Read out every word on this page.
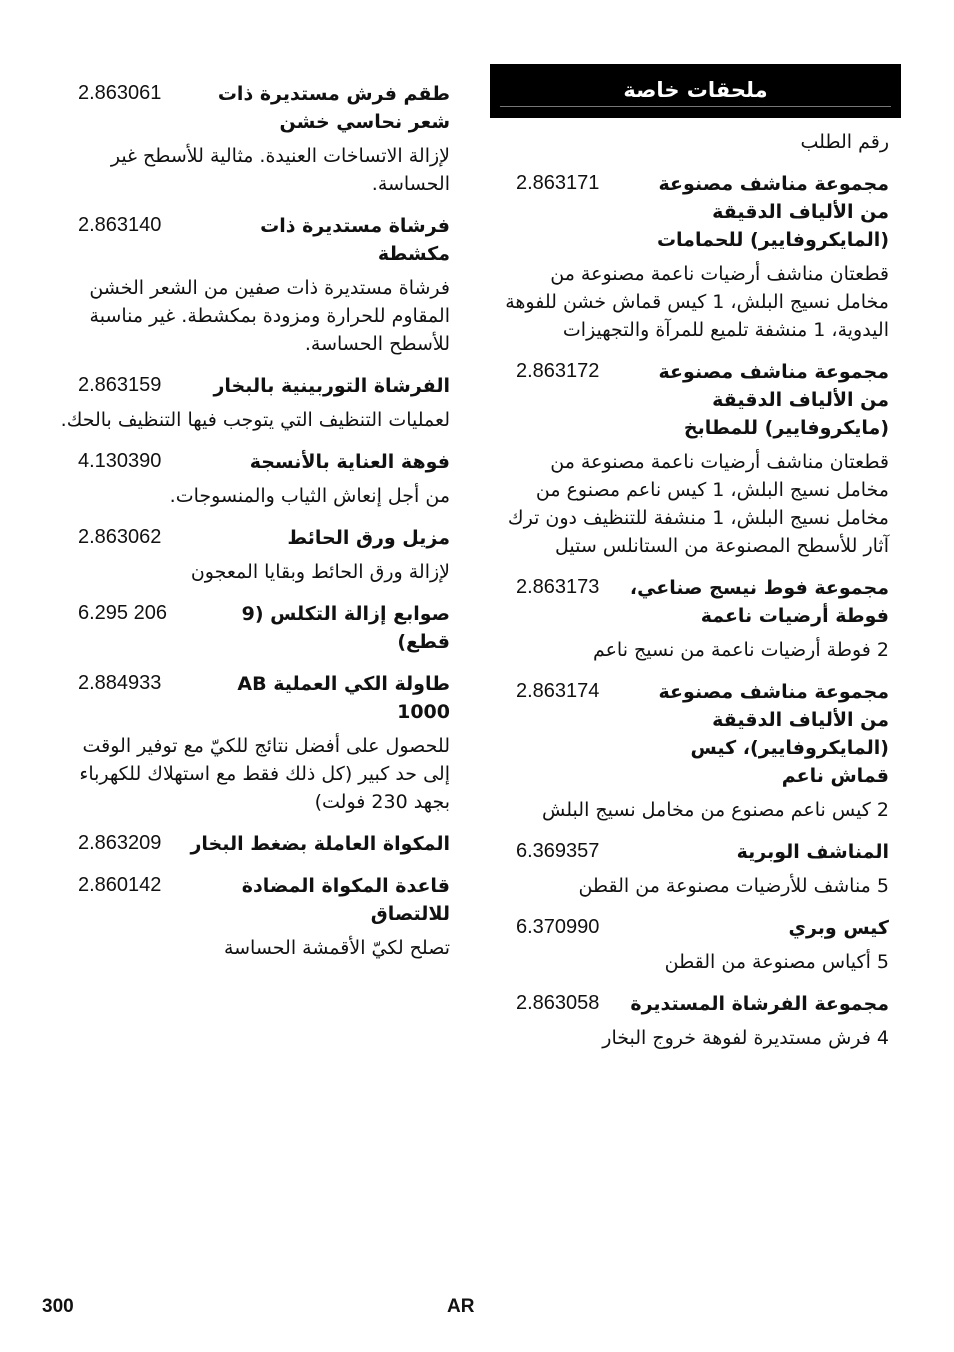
ملحقات خاصة
رقم الطلب
مجموعة مناشف مصنوعة من الألياف الدقيقة (المايكروفايير) للحمامات
2.863171
قطعتان مناشف أرضيات ناعمة مصنوعة من مخامل نسيج البلش، 1 كيس قماش خشن للفوهة اليدوية، 1 منشفة تلميع للمرآة والتجهيزات
مجموعة مناشف مصنوعة من الألياف الدقيقة (مايكروفايير) للمطابخ
2.863172
قطعتان مناشف أرضيات ناعمة مصنوعة من مخامل نسيج البلش، 1 كيس ناعم مصنوع من مخامل نسيج البلش، 1 منشفة للتنظيف دون ترك آثار للأسطح المصنوعة من الستانلس ستيل
مجموعة فوط نيسج صناعي، فوطة أرضيات ناعمة
2.863173
2 فوطة أرضيات ناعمة من نسيج ناعم
مجموعة مناشف مصنوعة من الألياف الدقيقة (المايكروفايير)، كيس قماش ناعم
2.863174
2 كيس ناعم مصنوع من مخامل نسيج البلش
المناشف الوبرية
6.369357
5 مناشف للأرضيات مصنوعة من القطن
كيس وبري
6.370990
5 أكياس مصنوعة من القطن
مجموعة الفرشاة المستديرة
2.863058
4 فرش مستديرة لفوهة خروج البخار
طقم فرش مستديرة ذات شعر نحاسي خشن
2.863061
لإزالة الاتساخات العنيدة. مثالية للأسطح غير الحساسة.
فرشاة مستديرة ذات مكشطة
2.863140
فرشاة مستديرة ذات صفين من الشعر الخشن المقاوم للحرارة ومزودة بمكشطة. غير مناسبة للأسطح الحساسة.
الفرشاة التوربينية بالبخار
2.863159
لعمليات التنظيف التي يتوجب فيها التنظيف بالحك.
فوهة العناية بالأنسجة
4.130390
من أجل إنعاش الثياب والمنسوجات.
مزيل ورق الحائط
2.863062
لإزالة ورق الحائط وبقايا المعجون
صوابع إزالة التكلس (9 قطع)
6.295 206
طاولة الكي العملية AB 1000
2.884933
للحصول على أفضل نتائج للكيّ مع توفير الوقت إلى حد كبير (كل ذلك فقط مع استهلاك للكهرباء بجهد 230 فولت)
المكواة العاملة بضغط البخار
2.863209
قاعدة المكواة المضادة للالتصاق
2.860142
تصلح لكيّ الأقمشة الحساسة
300	AR
